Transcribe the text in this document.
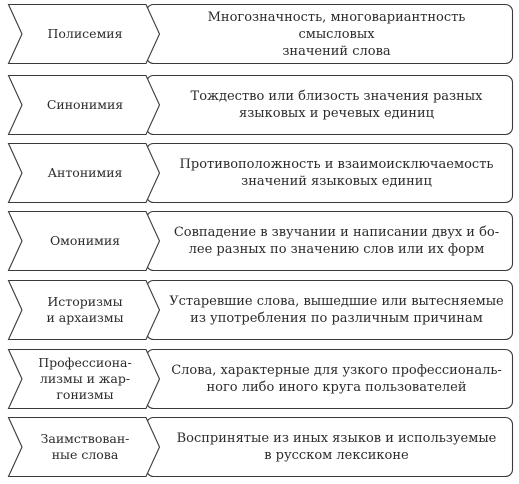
Многозначность, многовариантность смысловых
значений слова
Полисемия
Тождество или близость значения разных
языковых и речевых единиц
Синонимия
Противоположность и взаимоисключаемость
значений языковых единиц
Антонимия
Совпадение в звучании и написании двух и бо-
лее разных по значению слов или их форм
Омонимия
Устаревшие слова, вышедшие или вытесняемые
из употребления по различным причинам
Историзмы
и архаизмы
Слова, характерные для узкого профессиональ-
ного либо иного круга пользователей
Профессиона-
лизмы и жар-
гонизмы
Воспринятые из иных языков и используемые
в русском лексиконе
Заимствован-
ные слова
